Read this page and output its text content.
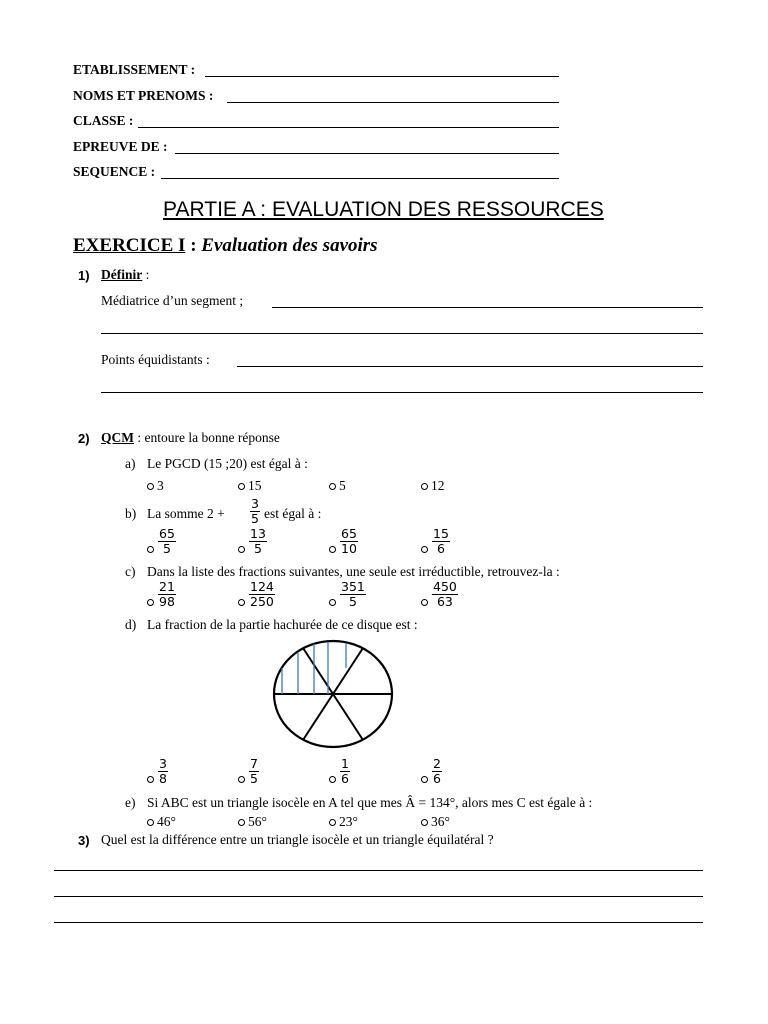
ETABLISSEMENT :
NOMS ET PRENOMS :
CLASSE :
EPREUVE DE :
SEQUENCE :
PARTIE A : EVALUATION DES RESSOURCES
EXERCICE I : Evaluation des savoirs
1) Définir :
Médiatrice d’un segment ;
Points équidistants :
2) QCM : entoure la bonne réponse
a) Le PGCD (15 ;20) est égal à :
3	15	5	12
b) La somme $2 + \frac{3}{5}$ est égal à :
$\frac{65}{5}$	$\frac{13}{5}$	$\frac{65}{10}$	$\frac{15}{6}$
c) Dans la liste des fractions suivantes, une seule est irréductible, retrouvez-la :
$\frac{21}{98}$	$\frac{124}{250}$	$\frac{351}{5}$	$\frac{450}{63}$
d) La fraction de la partie hachurée de ce disque est :
$\frac{3}{8}$	$\frac{7}{5}$	$\frac{1}{6}$	$\frac{2}{6}$
e) Si ABC est un triangle isocèle en A tel que mes Â = 134°, alors mes C est égale à :
46°	56°	23°	36°
3) Quel est la différence entre un triangle isocèle et un triangle équilatéral ?
